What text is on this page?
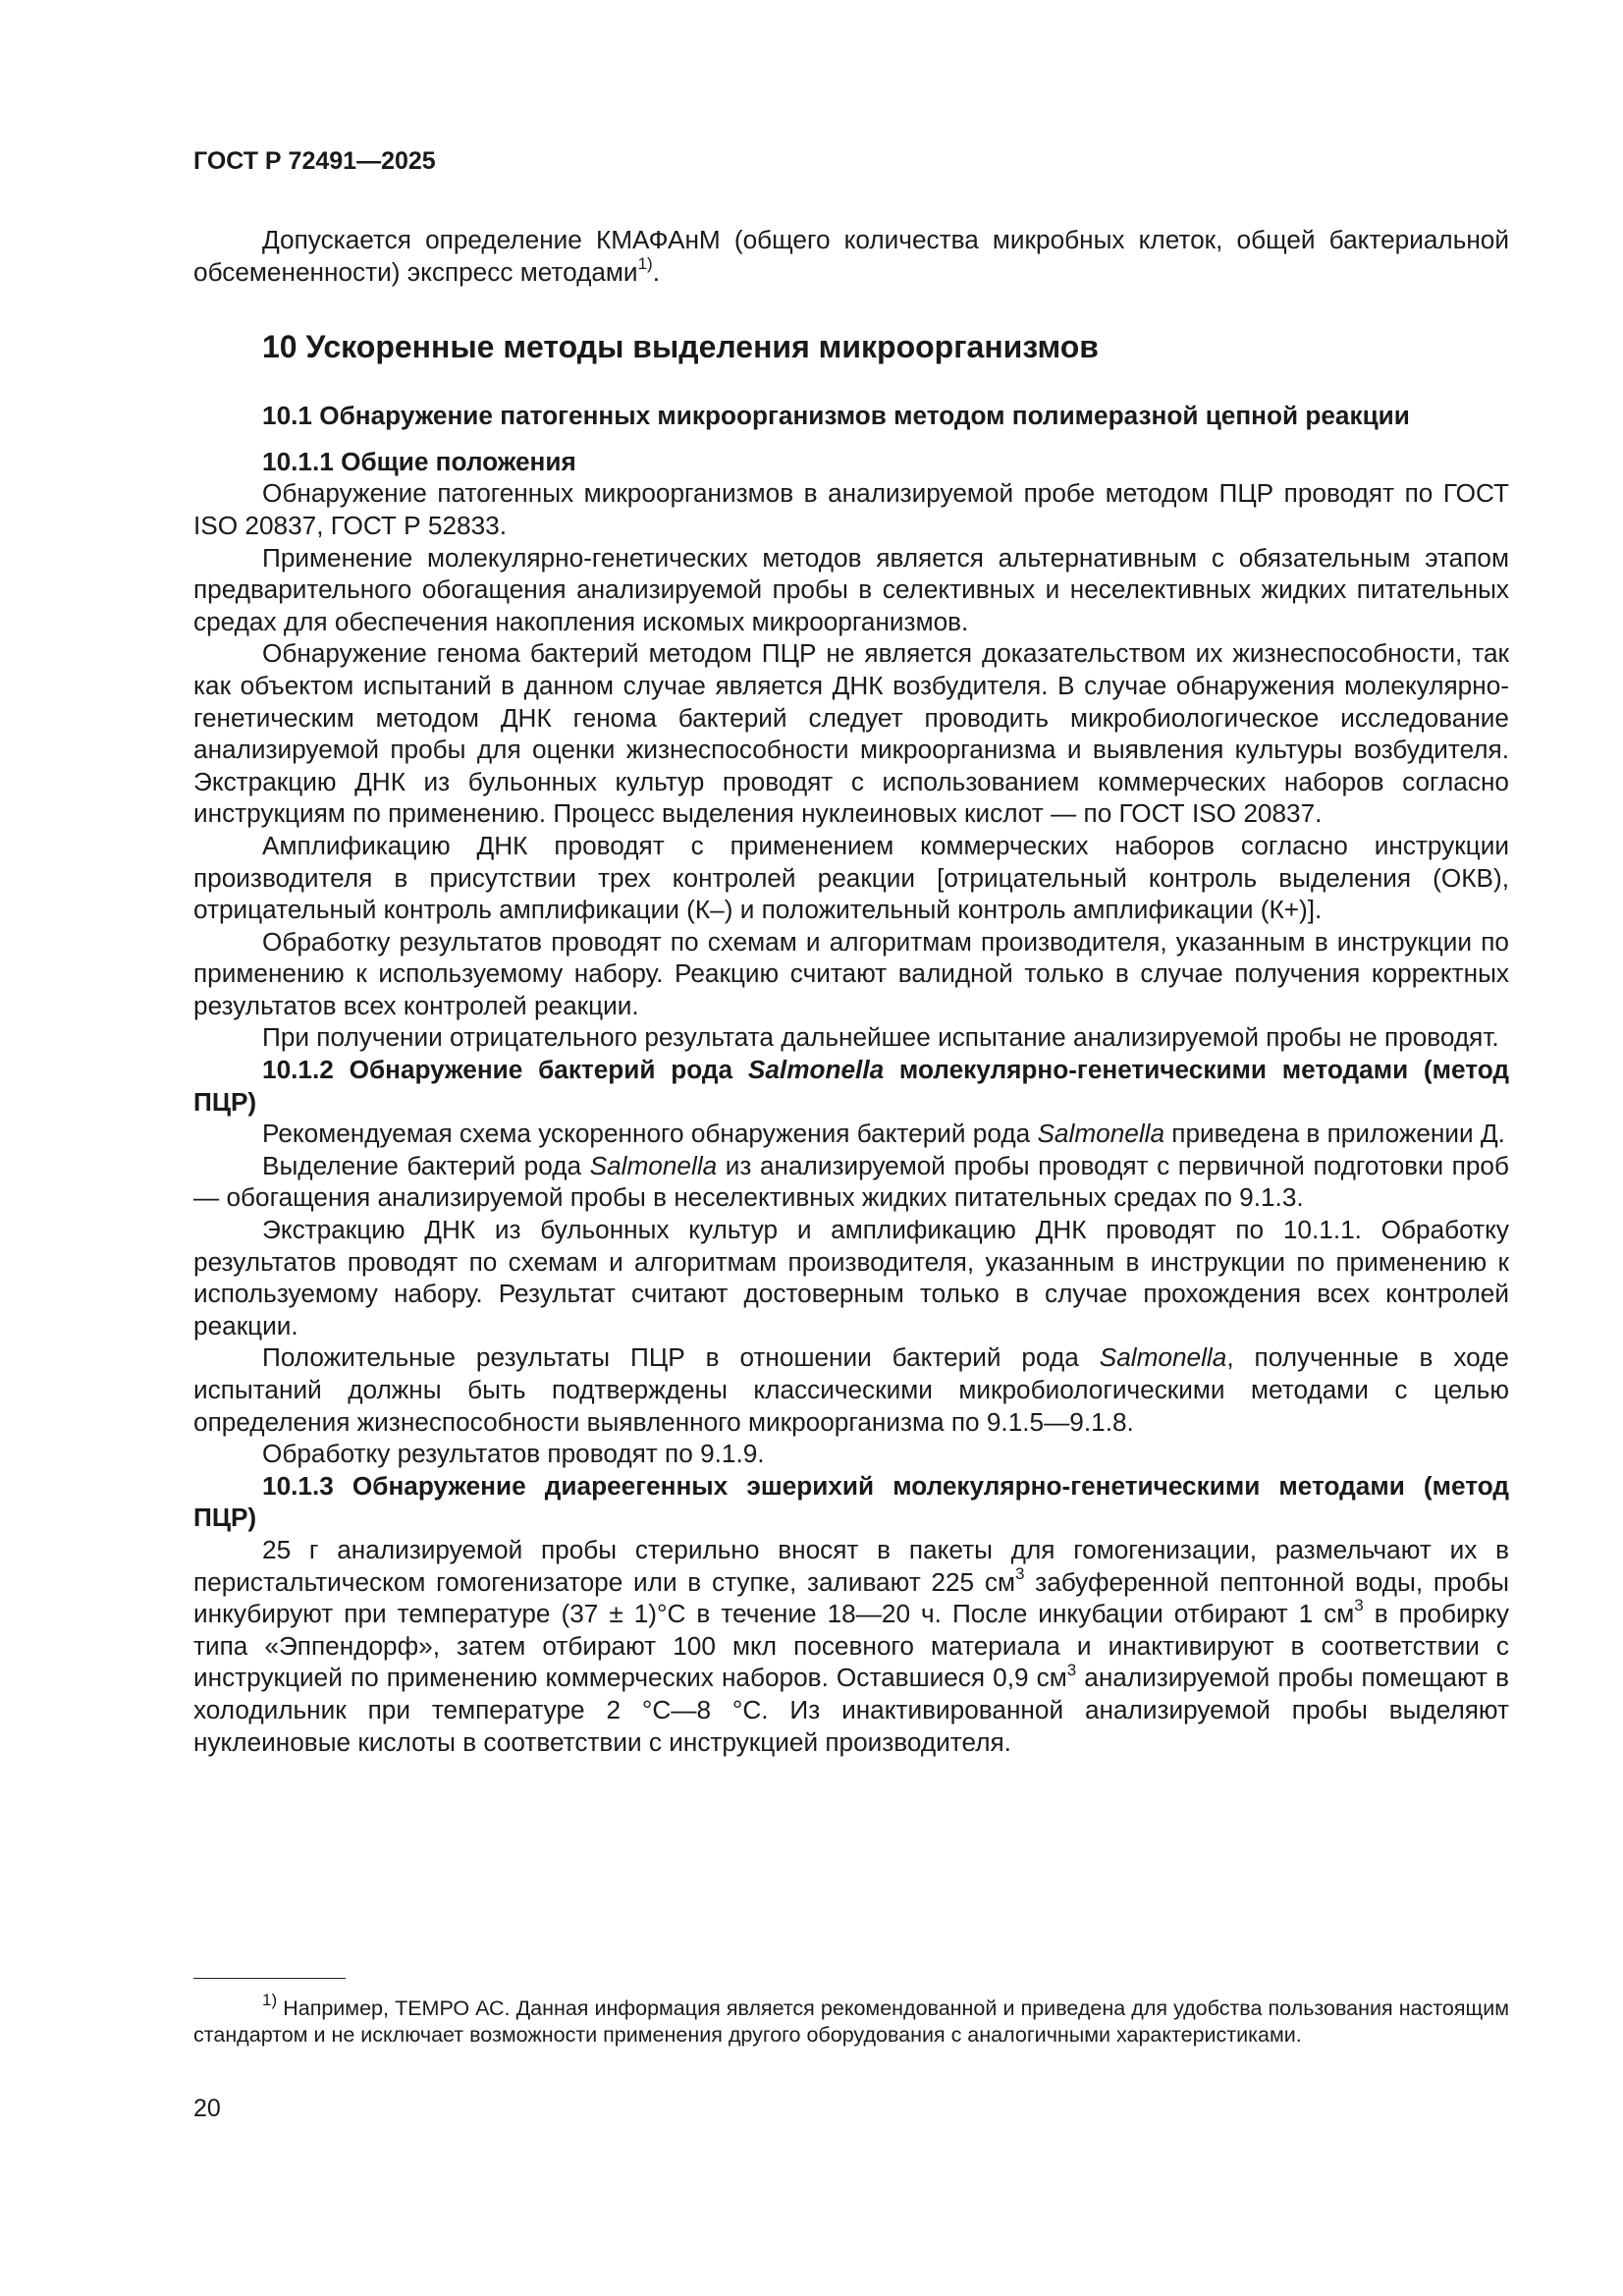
ГОСТ Р 72491—2025

Допускается определение КМАФАнМ (общего количества микробных клеток, общей бактериальной обсемененности) экспресс методами$^{1)}$.

10 Ускоренные методы выделения микроорганизмов
10.1 Обнаружение патогенных микроорганизмов методом полимеразной цепной реакции

10.1.1 Общие положения

Обнаружение патогенных микроорганизмов в анализируемой пробе методом ПЦР проводят по ГОСТ ISO 20837, ГОСТ Р 52833.

Применение молекулярно-генетических методов является альтернативным с обязательным этапом предварительного обогащения анализируемой пробы в селективных и неселективных жидких питательных средах для обеспечения накопления искомых микроорганизмов.

Обнаружение генома бактерий методом ПЦР не является доказательством их жизнеспособности, так как объектом испытаний в данном случае является ДНК возбудителя. В случае обнаружения молекулярно-генетическим методом ДНК генома бактерий следует проводить микробиологическое исследование анализируемой пробы для оценки жизнеспособности микроорганизма и выявления культуры возбудителя. Экстракцию ДНК из бульонных культур проводят с использованием коммерческих наборов согласно инструкциям по применению. Процесс выделения нуклеиновых кислот — по ГОСТ ISO 20837.

Амплификацию ДНК проводят с применением коммерческих наборов согласно инструкции производителя в присутствии трех контролей реакции [отрицательный контроль выделения (ОКВ), отрицательный контроль амплификации (К–) и положительный контроль амплификации (К+)].

Обработку результатов проводят по схемам и алгоритмам производителя, указанным в инструкции по применению к используемому набору. Реакцию считают валидной только в случае получения корректных результатов всех контролей реакции.

При получении отрицательного результата дальнейшее испытание анализируемой пробы не проводят.

10.1.2 Обнаружение бактерий рода Salmonella молекулярно-генетическими методами (метод ПЦР)

Рекомендуемая схема ускоренного обнаружения бактерий рода Salmonella приведена в приложении Д.

Выделение бактерий рода Salmonella из анализируемой пробы проводят с первичной подготовки проб — обогащения анализируемой пробы в неселективных жидких питательных средах по 9.1.3.

Экстракцию ДНК из бульонных культур и амплификацию ДНК проводят по 10.1.1. Обработку результатов проводят по схемам и алгоритмам производителя, указанным в инструкции по применению к используемому набору. Результат считают достоверным только в случае прохождения всех контролей реакции.

Положительные результаты ПЦР в отношении бактерий рода Salmonella, полученные в ходе испытаний должны быть подтверждены классическими микробиологическими методами с целью определения жизнеспособности выявленного микроорганизма по 9.1.5—9.1.8.

Обработку результатов проводят по 9.1.9.

10.1.3 Обнаружение диареегенных эшерихий молекулярно-генетическими методами (метод ПЦР)

25 г анализируемой пробы стерильно вносят в пакеты для гомогенизации, размельчают их в перистальтическом гомогенизаторе или в ступке, заливают 225 $см^3$ забуференной пептонной воды, пробы инкубируют при температуре (37 ± 1)°С в течение 18—20 ч. После инкубации отбирают 1 $см^3$ в пробирку типа «Эппендорф», затем отбирают 100 мкл посевного материала и инактивируют в соответствии с инструкцией по применению коммерческих наборов. Оставшиеся 0,9 $см^3$ анализируемой пробы помещают в холодильник при температуре 2 °С—8 °С. Из инактивированной анализируемой пробы выделяют нуклеиновые кислоты в соответствии с инструкцией производителя.

$^{1)}$ Например, ТЕМРО АС. Данная информация является рекомендованной и приведена для удобства пользования настоящим стандартом и не исключает возможности применения другого оборудования с аналогичными характеристиками.

20
